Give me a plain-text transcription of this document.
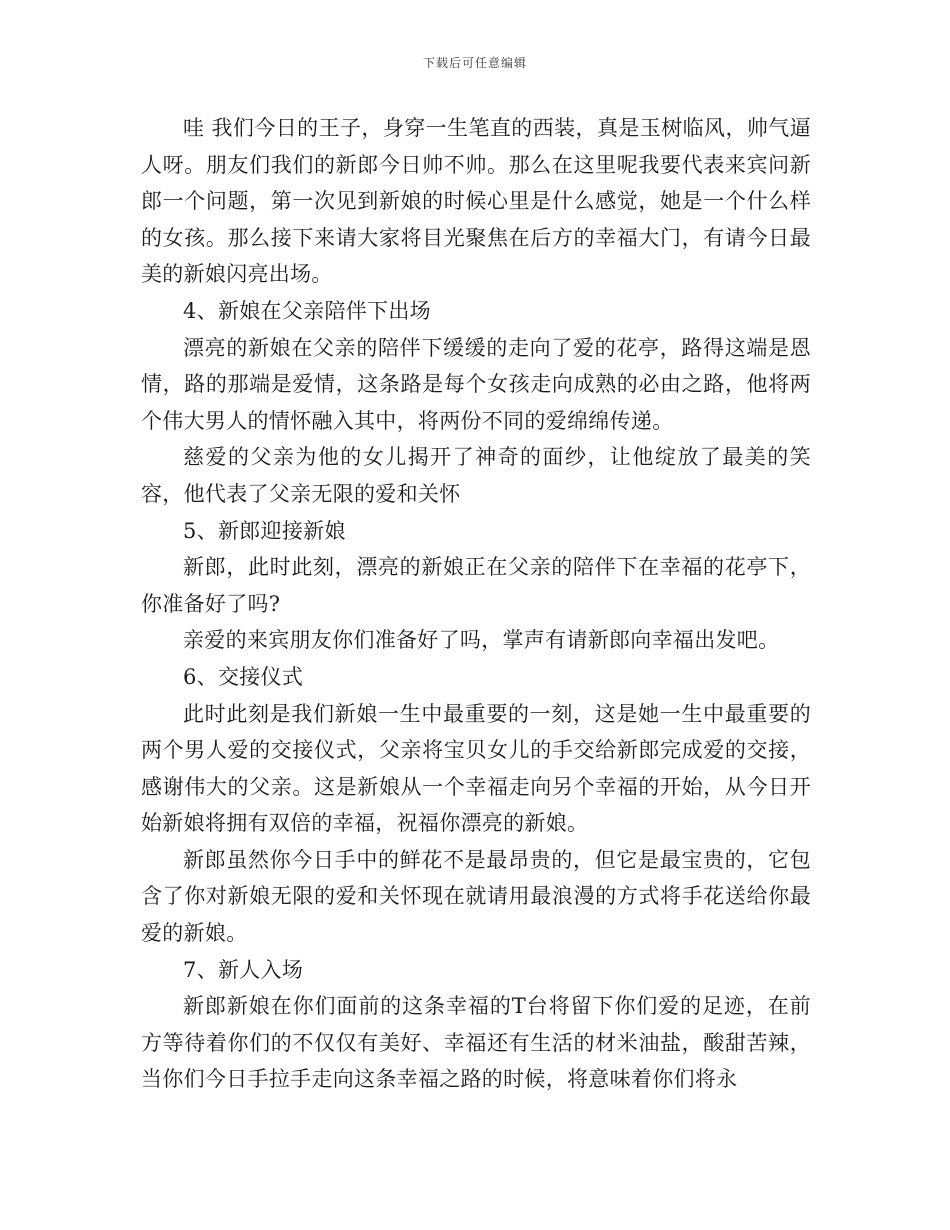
下载后可任意编辑

哇 我们今日的王子，身穿一生笔直的西装，真是玉树临风，帅气逼人呀。朋友们我们的新郎今日帅不帅。那么在这里呢我要代表来宾问新郎一个问题，第一次见到新娘的时候心里是什么感觉，她是一个什么样的女孩。那么接下来请大家将目光聚焦在后方的幸福大门，有请今日最美的新娘闪亮出场。

4、新娘在父亲陪伴下出场

漂亮的新娘在父亲的陪伴下缓缓的走向了爱的花亭，路得这端是恩情，路的那端是爱情，这条路是每个女孩走向成熟的必由之路，他将两个伟大男人的情怀融入其中，将两份不同的爱绵绵传递。

慈爱的父亲为他的女儿揭开了神奇的面纱，让他绽放了最美的笑容，他代表了父亲无限的爱和关怀

5、新郎迎接新娘

新郎，此时此刻，漂亮的新娘正在父亲的陪伴下在幸福的花亭下，你准备好了吗?

亲爱的来宾朋友你们准备好了吗，掌声有请新郎向幸福出发吧。

6、交接仪式

此时此刻是我们新娘一生中最重要的一刻，这是她一生中最重要的两个男人爱的交接仪式，父亲将宝贝女儿的手交给新郎完成爱的交接，感谢伟大的父亲。这是新娘从一个幸福走向另个幸福的开始，从今日开始新娘将拥有双倍的幸福，祝福你漂亮的新娘。

新郎虽然你今日手中的鲜花不是最昂贵的，但它是最宝贵的，它包含了你对新娘无限的爱和关怀现在就请用最浪漫的方式将手花送给你最爱的新娘。

7、新人入场

新郎新娘在你们面前的这条幸福的T台将留下你们爱的足迹，在前方等待着你们的不仅仅有美好、幸福还有生活的材米油盐，酸甜苦辣，当你们今日手拉手走向这条幸福之路的时候，将意味着你们将永
